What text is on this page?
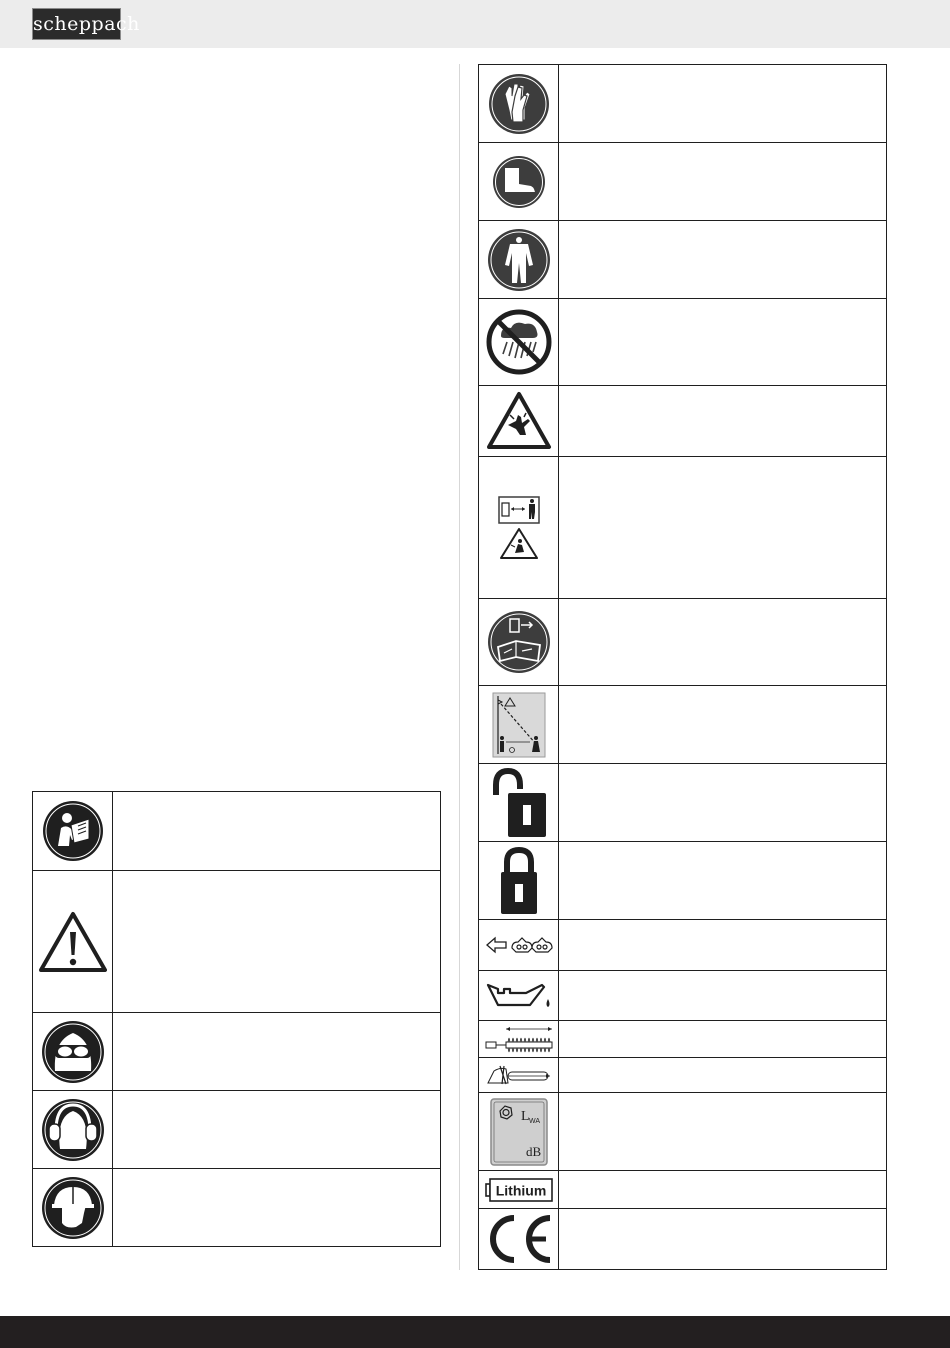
scheppach

L WA
dB	

Lithium	
